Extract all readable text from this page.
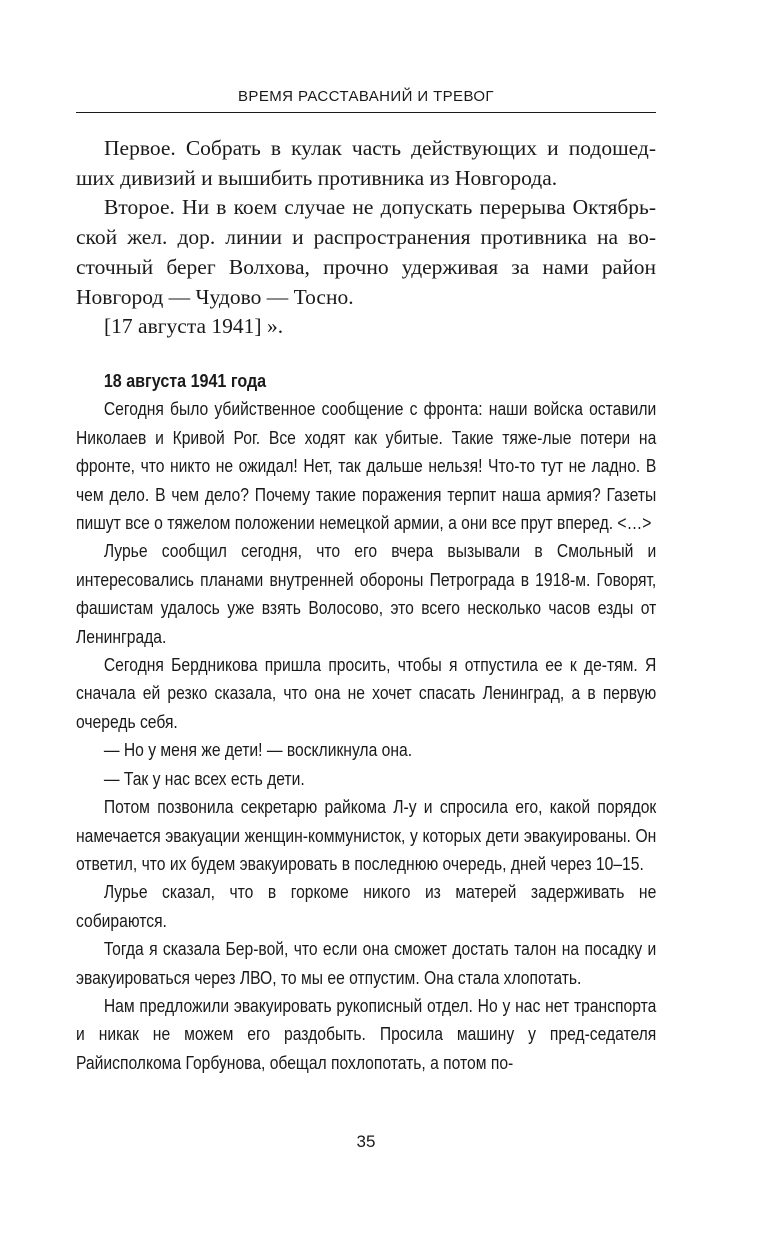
ВРЕМЯ РАССТАВАНИЙ И ТРЕВОГ

Первое. Собрать в кулак часть действующих и подошед-ших дивизий и вышибить противника из Новгорода.

Второе. Ни в коем случае не допускать перерыва Октябрь-ской жел. дор. линии и распространения противника на во-сточный берег Волхова, прочно удерживая за нами район Новгород — Чудово — Тосно.

[17 августа 1941] ».

18 августа 1941 года

Сегодня было убийственное сообщение с фронта: наши войска оставили Николаев и Кривой Рог. Все ходят как убитые. Такие тяже-лые потери на фронте, что никто не ожидал! Нет, так дальше нельзя! Что-то тут не ладно. В чем дело. В чем дело? Почему такие поражения терпит наша армия? Газеты пишут все о тяжелом положении немецкой армии, а они все прут вперед. <…>

Лурье сообщил сегодня, что его вчера вызывали в Смольный и интересовались планами внутренней обороны Петрограда в 1918-м. Говорят, фашистам удалось уже взять Волосово, это всего несколько часов езды от Ленинграда.

Сегодня Бердникова пришла просить, чтобы я отпустила ее к де-тям. Я сначала ей резко сказала, что она не хочет спасать Ленинград, а в первую очередь себя.

— Но у меня же дети! — воскликнула она.

— Так у нас всех есть дети.

Потом позвонила секретарю райкома Л-у и спросила его, какой порядок намечается эвакуации женщин-коммунисток, у которых дети эвакуированы. Он ответил, что их будем эвакуировать в последнюю очередь, дней через 10–15.

Лурье сказал, что в горкоме никого из матерей задерживать не собираются.

Тогда я сказала Бер-вой, что если она сможет достать талон на посадку и эвакуироваться через ЛВО, то мы ее отпустим. Она стала хлопотать.

Нам предложили эвакуировать рукописный отдел. Но у нас нет транспорта и никак не можем его раздобыть. Просила машину у пред-седателя Райисполкома Горбунова, обещал похлопотать, а потом по-

35
